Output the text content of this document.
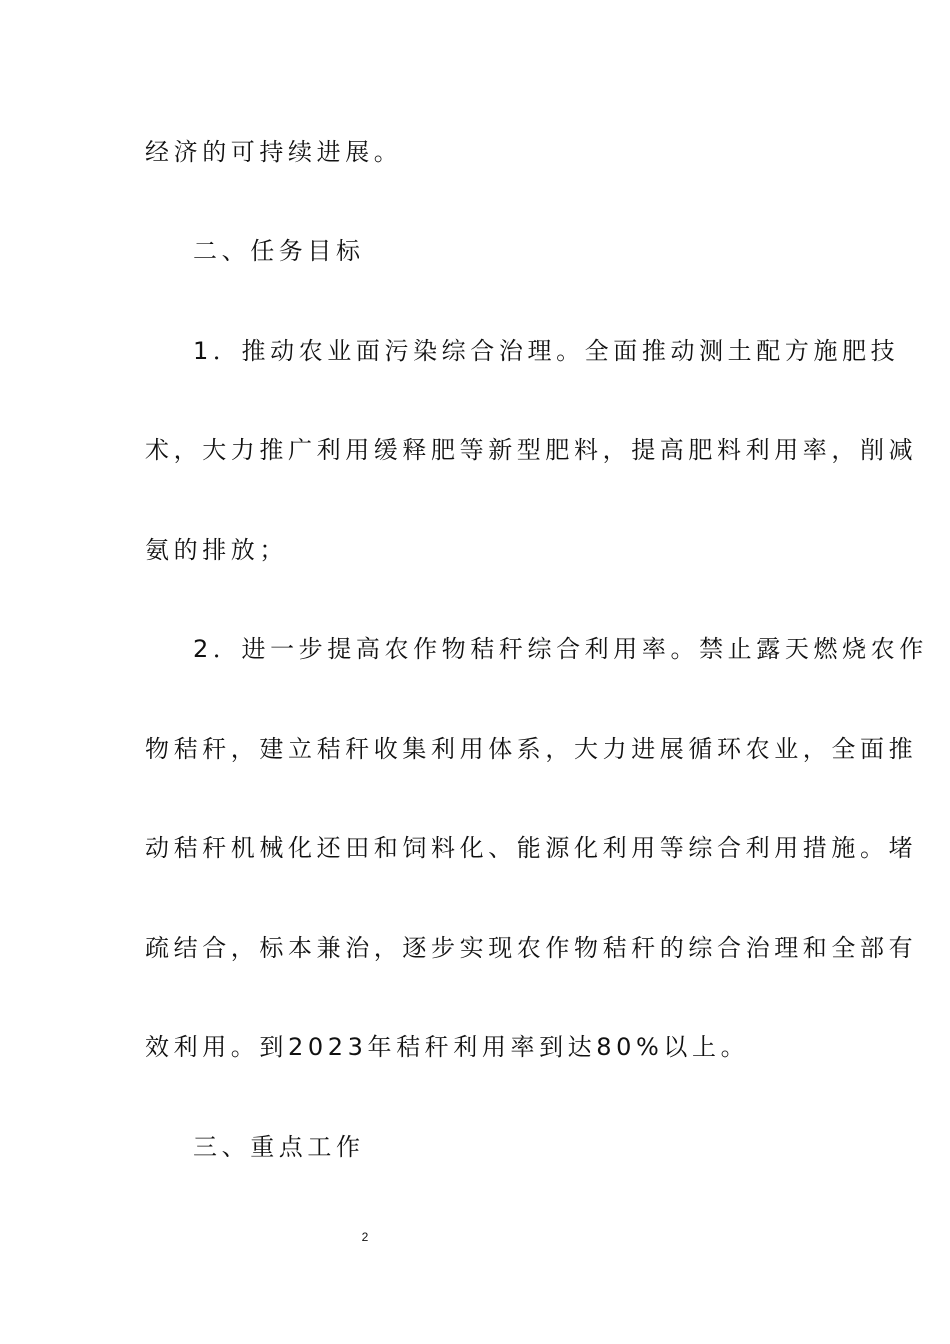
经济的可持续进展。
二、任务目标
1．推动农业面污染综合治理。全面推动测土配方施肥技
术，大力推广利用缓释肥等新型肥料，提高肥料利用率，削减
氨的排放；
2．进一步提高农作物秸秆综合利用率。禁止露天燃烧农作
物秸秆，建立秸秆收集利用体系，大力进展循环农业，全面推
动秸秆机械化还田和饲料化、能源化利用等综合利用措施。堵
疏结合，标本兼治，逐步实现农作物秸秆的综合治理和全部有
效利用。到2023年秸秆利用率到达80%以上。
三、重点工作
2
